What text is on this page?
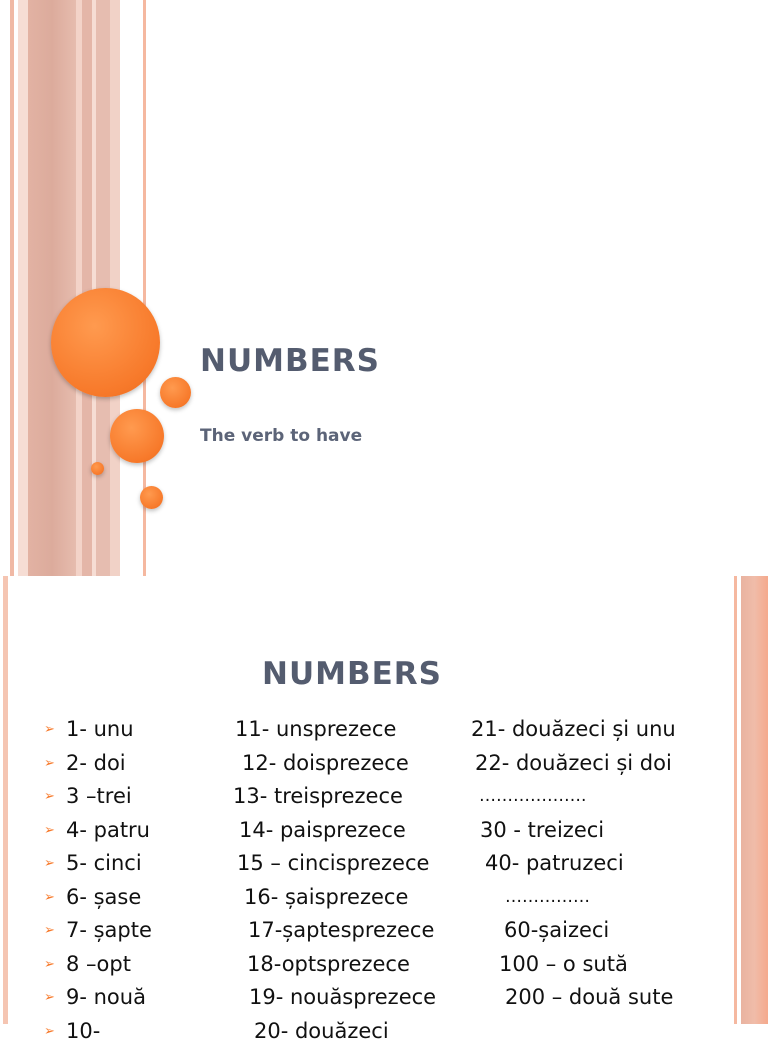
NUMBERS
The verb to have
NUMBERS
➢ 1- unu	11- unsprezece	21- douăzeci și unu
➢ 2- doi	12- doisprezece	22- douăzeci și doi
➢ 3 –trei	13- treisprezece	……………….
➢ 4- patru	14- paisprezece	30 - treizeci
➢ 5- cinci	15 – cincisprezece	40- patruzeci
➢ 6- șase	16- șaisprezece	……………
➢ 7- șapte	17-șaptesprezece	60-șaizeci
➢ 8 –opt	18-optsprezece	100 – o sută
➢ 9- nouă	19- nouăsprezece	200 – două sute
➢ 10-	20- douăzeci
